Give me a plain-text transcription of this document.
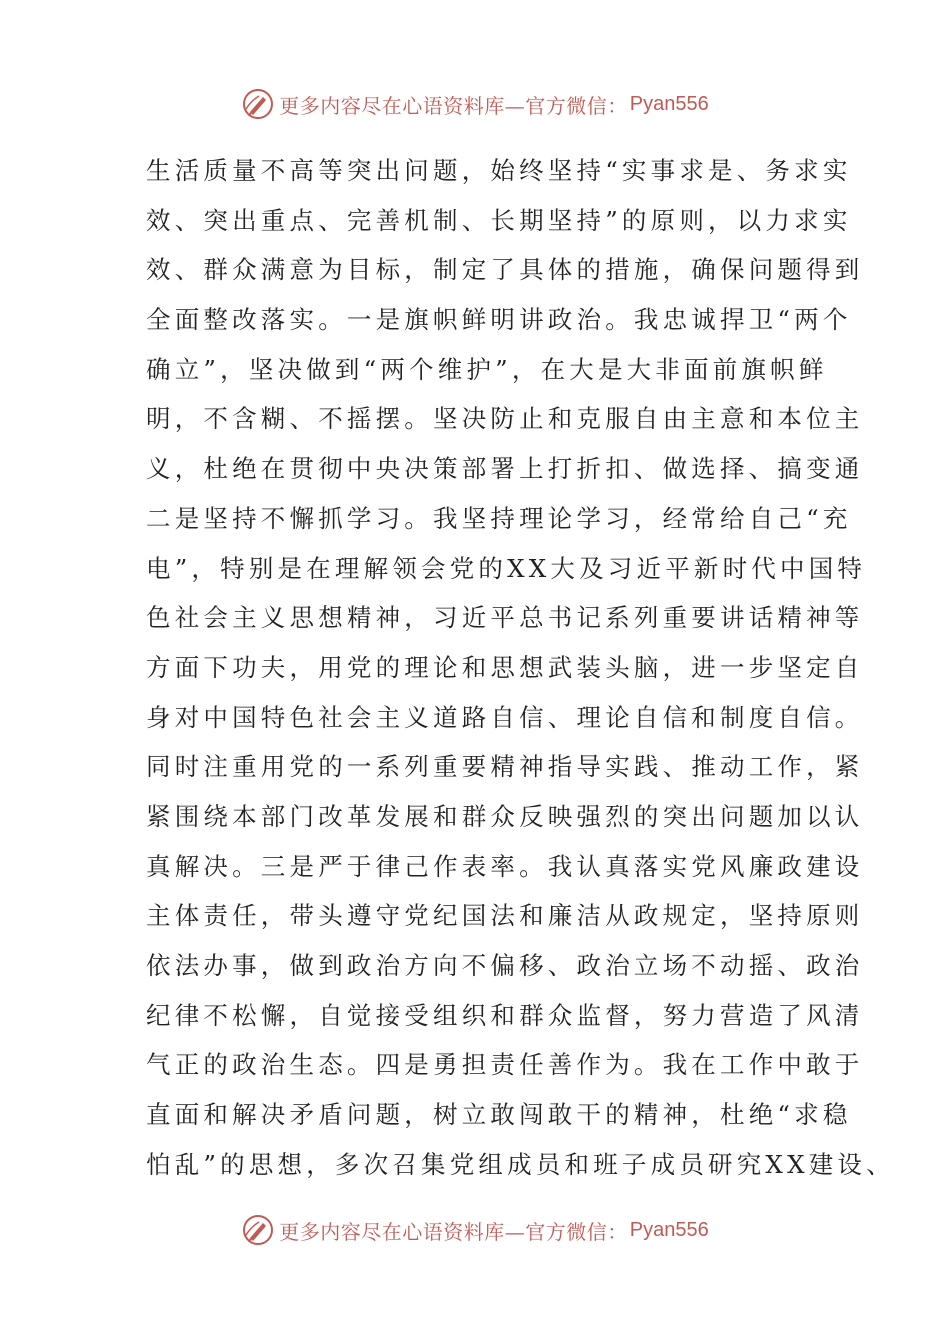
更多内容尽在心语资料库—官方微信： Pyan556
生活质量不高等突出问题，始终坚持“实事求是、务求实
效、突出重点、完善机制、长期坚持”的原则，以力求实
效、群众满意为目标，制定了具体的措施，确保问题得到
全面整改落实。一是旗帜鲜明讲政治。我忠诚捍卫“两个
确立”，坚决做到“两个维护”，在大是大非面前旗帜鲜
明，不含糊、不摇摆。坚决防止和克服自由主意和本位主
义，杜绝在贯彻中央决策部署上打折扣、做选择、搞变通
二是坚持不懈抓学习。我坚持理论学习，经常给自己“充
电”，特别是在理解领会党的XX大及习近平新时代中国特
色社会主义思想精神，习近平总书记系列重要讲话精神等
方面下功夫，用党的理论和思想武装头脑，进一步坚定自
身对中国特色社会主义道路自信、理论自信和制度自信。
同时注重用党的一系列重要精神指导实践、推动工作，紧
紧围绕本部门改革发展和群众反映强烈的突出问题加以认
真解决。三是严于律己作表率。我认真落实党风廉政建设
主体责任，带头遵守党纪国法和廉洁从政规定，坚持原则
依法办事，做到政治方向不偏移、政治立场不动摇、政治
纪律不松懈，自觉接受组织和群众监督，努力营造了风清
气正的政治生态。四是勇担责任善作为。我在工作中敢于
直面和解决矛盾问题，树立敢闯敢干的精神，杜绝“求稳
怕乱”的思想，多次召集党组成员和班子成员研究XX建设、
更多内容尽在心语资料库—官方微信： Pyan556
